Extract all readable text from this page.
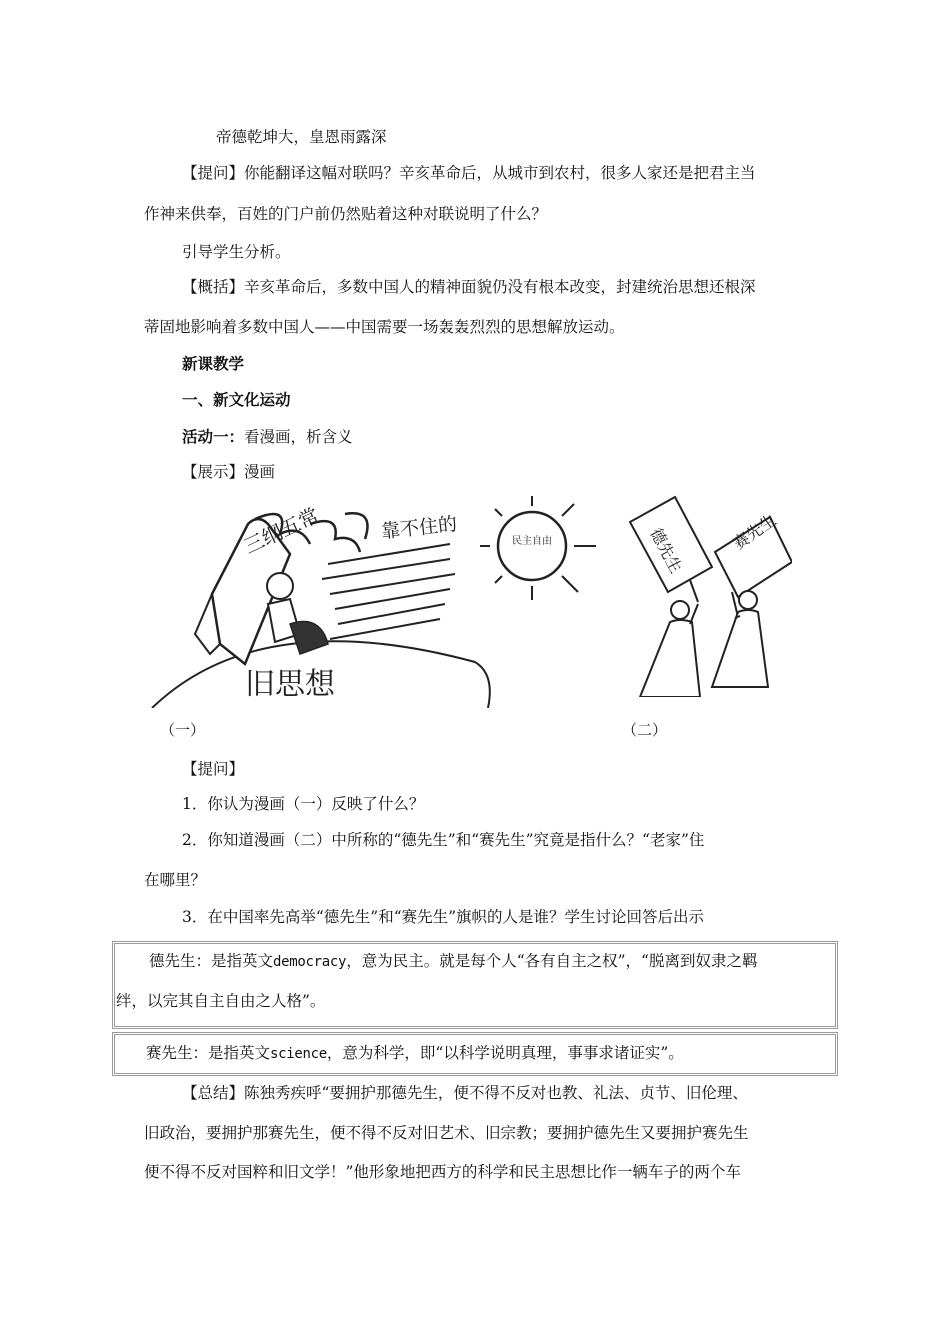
帝德乾坤大，皇恩雨露深
【提问】你能翻译这幅对联吗？辛亥革命后，从城市到农村，很多人家还是把君主当
作神来供奉，百姓的门户前仍然贴着这种对联说明了什么？
引导学生分析。
【概括】辛亥革命后，多数中国人的精神面貌仍没有根本改变，封建统治思想还根深
蒂固地影响着多数中国人——中国需要一场轰轰烈烈的思想解放运动。
新课教学
一、新文化运动
活动一：看漫画，析含义
【展示】漫画
三纲五常	靠不住的	民主自由
旧思想
德先生	赛先生
（一）	（二）
【提问】
1．你认为漫画（一）反映了什么？
2．你知道漫画（二）中所称的“德先生”和“赛先生”究竟是指什么？“老家”住
在哪里？
3．在中国率先高举“德先生”和“赛先生”旗帜的人是谁？学生讨论回答后出示
德先生：是指英文democracy，意为民主。就是每个人“各有自主之权”，“脱离到奴隶之羁
绊，以完其自主自由之人格”。
赛先生：是指英文science，意为科学，即“以科学说明真理，事事求诸证实”。
【总结】陈独秀疾呼“要拥护那德先生，便不得不反对也教、礼法、贞节、旧伦理、
旧政治，要拥护那赛先生，便不得不反对旧艺术、旧宗教；要拥护德先生又要拥护赛先生
便不得不反对国粹和旧文学！”他形象地把西方的科学和民主思想比作一辆车子的两个车
